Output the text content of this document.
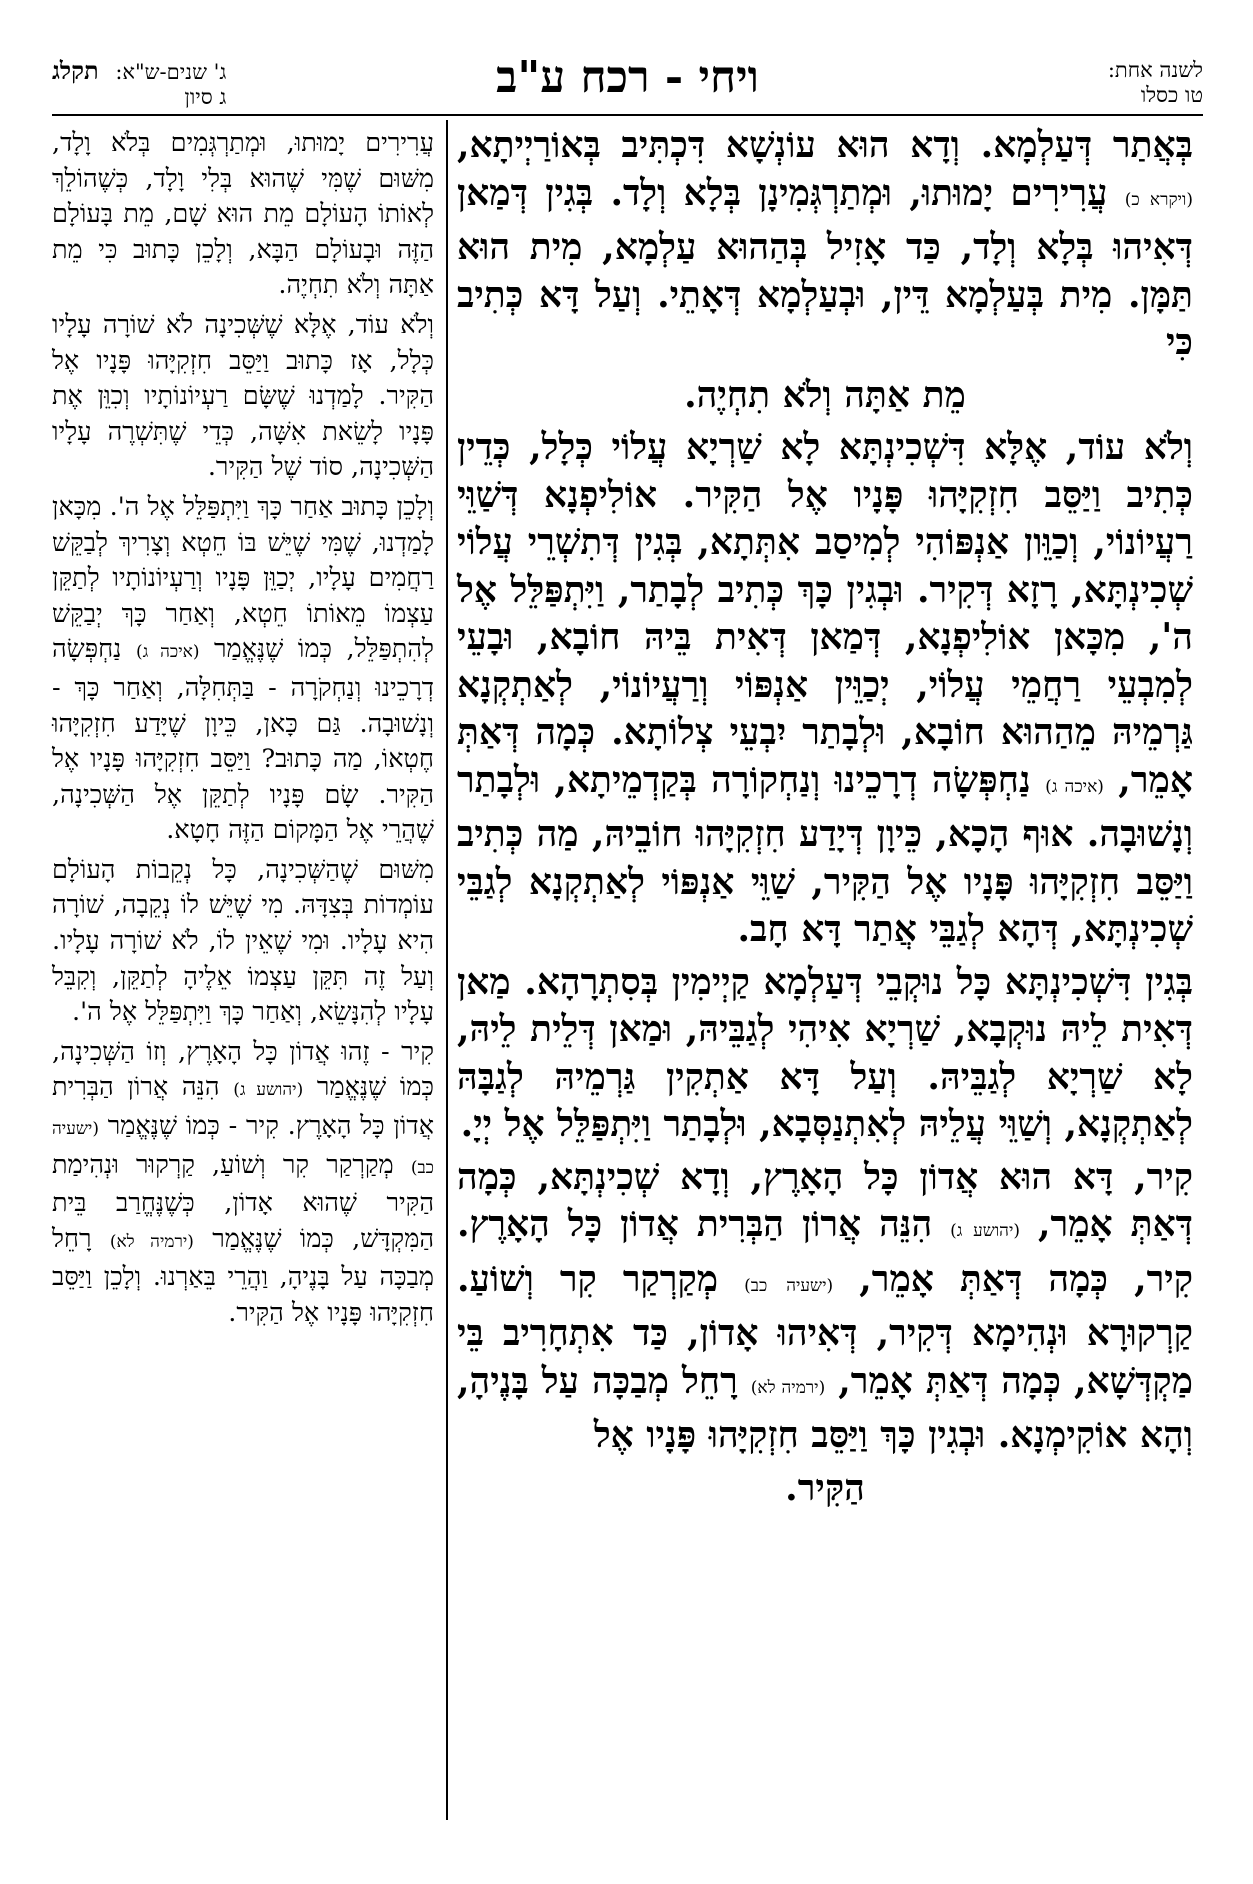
לשנה אחת:
טו כסלו
ויחי - רכח ע"ב
ג' שנים-ש"א: תקלג
ג סיון

בְּאֲתַר דְּעַלְמָא. וְדָא הוּא עוֹנְשָׁא דִּכְתִּיב בְּאוֹרַיְיתָא, (ויקרא כ) עֲרִירִים יָמוּתוּ, וּמְתַרְגְּמִינָן בְּלָא וְלָד. בְּגִין דְּמַאן דְּאִיהוּ בְּלָא וְלָד, כַּד אָזִיל בְּהַהוּא עַלְמָא, מִית הוּא תַּמָּן. מִית בְּעַלְמָא דֵּין, וּבְעַלְמָא דְּאָתֵי. וְעַל דָּא כְּתִיב כִּי

מֵת אַתָּה וְלֹא תִחְיֶה.

וְלֹא עוֹד, אֶלָּא דִּשְׁכִינְתָּא לָא שַׁרְיָא עֲלוֹי כְּלָל, כְּדֵין כְּתִיב וַיַּסֵּב חִזְקִיָּהוּ פָּנָיו אֶל הַקִּיר. אוֹלִיפְנָא דְּשַׁוֵּי רַעֲיוֹנוֹי, וְכַוֵּון אַנְפּוֹהִי לְמִיסַב אִתְּתָא, בְּגִין דְּתִשְׁרֵי עֲלוֹי שְׁכִינְתָּא, רָזָא דְּקִיר. וּבְגִין כָּךְ כְּתִיב לְבָתַר, וַיִּתְפַּלֵּל אֶל ה', מִכָּאן אוֹלִיפְנָא, דְּמַאן דְּאִית בֵּיהּ חוֹבָא, וּבָעֵי לְמִבְעֵי רַחֲמֵי עֲלוֹי, יְכַוֵּין אַנְפּוֹי וְרַעֲיוֹנוֹי, לְאַתְקְנָא גַּרְמֵיהּ מֵהַהוּא חוֹבָא, וּלְבָתַר יִבְעֵי צְלוֹתָא. כְּמָה דְּאַתְּ אָמֵר, (איכה ג) נַחְפְּשָׂה דְרָכֵינוּ וְנַחְקוֹרָה בְּקַדְמֵיתָא, וּלְבָתַר וְנָשׁוּבָה. אוּף הָכָא, כֵּיוָן דְּיָדַע חִזְקִיָּהוּ חוֹבֵיהּ, מַה כְּתִיב וַיַּסֵּב חִזְקִיָּהוּ פָּנָיו אֶל הַקִּיר, שַׁוֵּי אַנְפּוֹי לְאַתְקְנָא לְגַבֵּי שְׁכִינְתָּא, דְּהָא לְגַבֵּי אֲתַר דָּא חָב.

בְּגִין דִּשְׁכִינְתָּא כָּל נוּקְבֵי דְּעַלְמָא קַיְימִין בְּסִתְרָהָא. מַאן דְּאִית לֵיהּ נוּקְבָא, שַׁרְיָא אִיהִי לְגַבֵּיהּ, וּמַאן דְּלֵית לֵיהּ, לָא שַׁרְיָא לְגַבֵּיהּ. וְעַל דָּא אַתְקִין גַּרְמֵיהּ לְגַבָּהּ לְאַתְקְנָא, וְשַׁוֵּי עֲלֵיהּ לְאִתְנַסְּבָא, וּלְבָתַר וַיִּתְפַּלֵּל אֶל יְיָ.

קִיר, דָּא הוּא אֲדוֹן כָּל הָאָרֶץ, וְדָא שְׁכִינְתָּא, כְּמָה דְּאַתְּ אָמֵר, (יהושע ג) הִנֵּה אֲרוֹן הַבְּרִית אֲדוֹן כָּל הָאָרֶץ. קִיר, כְּמָה דְּאַתְּ אָמֵר, (ישעיה כב) מְקַרְקַר קִר וְשׁוֹעַ. קַרְקוּרָא וּנְהִימָא דְּקִיר, דְּאִיהוּ אָדוֹן, כַּד אִתְחָרִיב בֵּי מַקְדְּשָׁא, כְּמָה דְּאַתְּ אָמֵר, (ירמיה לא) רָחֵל מְבַכָּה עַל בָּנֶיהָ, וְהָא אוֹקִימְנָא. וּבְגִין כָּךְ וַיַּסֵּב חִזְקִיָּהוּ פָּנָיו אֶל

הַקִּיר.

עֲרִירִים יָמוּתוּ, וּמְתַרְגְּמִים בְּלֹא וָלָד, מִשּׁוּם שֶׁמִּי שֶׁהוּא בְּלִי וָלָד, כְּשֶׁהוֹלֵךְ לְאוֹתוֹ הָעוֹלָם מֵת הוּא שָׁם, מֵת בָּעוֹלָם הַזֶּה וּבָעוֹלָם הַבָּא, וְלָכֵן כָּתוּב כִּי מֵת אַתָּה וְלֹא תִחְיֶה.

וְלֹא עוֹד, אֶלָּא שֶׁשְּׁכִינָה לֹא שׁוֹרָה עָלָיו כְּלָל, אָז כָּתוּב וַיַּסֵּב חִזְקִיָּהוּ פָּנָיו אֶל הַקִּיר. לָמַדְנוּ שֶׁשָּׂם רַעְיוֹנוֹתָיו וְכִוֵּן אֶת פָּנָיו לָשֵׂאת אִשָּׁה, כְּדֵי שֶׁתִּשְׁרֶה עָלָיו הַשְּׁכִינָה, סוֹד שֶׁל הַקִּיר.

וְלָכֵן כָּתוּב אַחַר כָּךְ וַיִּתְפַּלֵּל אֶל ה'. מִכָּאן לָמַדְנוּ, שֶׁמִּי שֶׁיֵּשׁ בּוֹ חֵטְא וְצָרִיךְ לְבַקֵּשׁ רַחֲמִים עָלָיו, יְכַוֵּן פָּנָיו וְרַעְיוֹנוֹתָיו לְתַקֵּן עַצְמוֹ מֵאוֹתוֹ חֵטְא, וְאַחַר כָּךְ יְבַקֵּשׁ לְהִתְפַּלֵּל, כְּמוֹ שֶׁנֶּאֱמַר (איכה ג) נַחְפְּשָׂה דְרָכֵינוּ וְנַחְקֹרָה - בַּתְּחִלָּה, וְאַחַר כָּךְ - וְנָשׁוּבָה. גַּם כָּאן, כֵּיוָן שֶׁיָּדַע חִזְקִיָּהוּ חֶטְאוֹ, מַה כָּתוּב? וַיַּסֵּב חִזְקִיָּהוּ פָּנָיו אֶל הַקִּיר. שָׂם פָּנָיו לְתַקֵּן אֶל הַשְּׁכִינָה, שֶׁהֲרֵי אֶל הַמָּקוֹם הַזֶּה חָטָא.

מִשּׁוּם שֶׁהַשְּׁכִינָה, כָּל נְקֵבוֹת הָעוֹלָם עוֹמְדוֹת בְּצִדָּהּ. מִי שֶׁיֵּשׁ לוֹ נְקֵבָה, שׁוֹרָה הִיא עָלָיו. וּמִי שֶׁאֵין לוֹ, לֹא שׁוֹרָה עָלָיו. וְעַל זֶה תִּקֵּן עַצְמוֹ אֵלֶיהָ לְתַקֵּן, וְקִבֵּל עָלָיו לְהִנָּשֵׂא, וְאַחַר כָּךְ וַיִּתְפַּלֵּל אֶל ה'.

קִיר - זֶהוּ אֲדוֹן כָּל הָאָרֶץ, וְזוֹ הַשְּׁכִינָה, כְּמוֹ שֶׁנֶּאֱמַר (יהושע ג) הִנֵּה אֲרוֹן הַבְּרִית אֲדוֹן כָּל הָאָרֶץ. קִיר - כְּמוֹ שֶׁנֶּאֱמַר (ישעיה כב) מְקַרְקַר קִר וְשׁוֹעַ, קַרְקוּר וּנְהִימַת הַקִּיר שֶׁהוּא אָדוֹן, כְּשֶׁנֶּחֱרַב בֵּית הַמִּקְדָּשׁ, כְּמוֹ שֶׁנֶּאֱמַר (ירמיה לא) רָחֵל מְבַכָּה עַל בָּנֶיהָ, וַהֲרֵי בֵּאַרְנוּ. וְלָכֵן וַיַּסֵּב חִזְקִיָּהוּ פָּנָיו אֶל הַקִּיר.
